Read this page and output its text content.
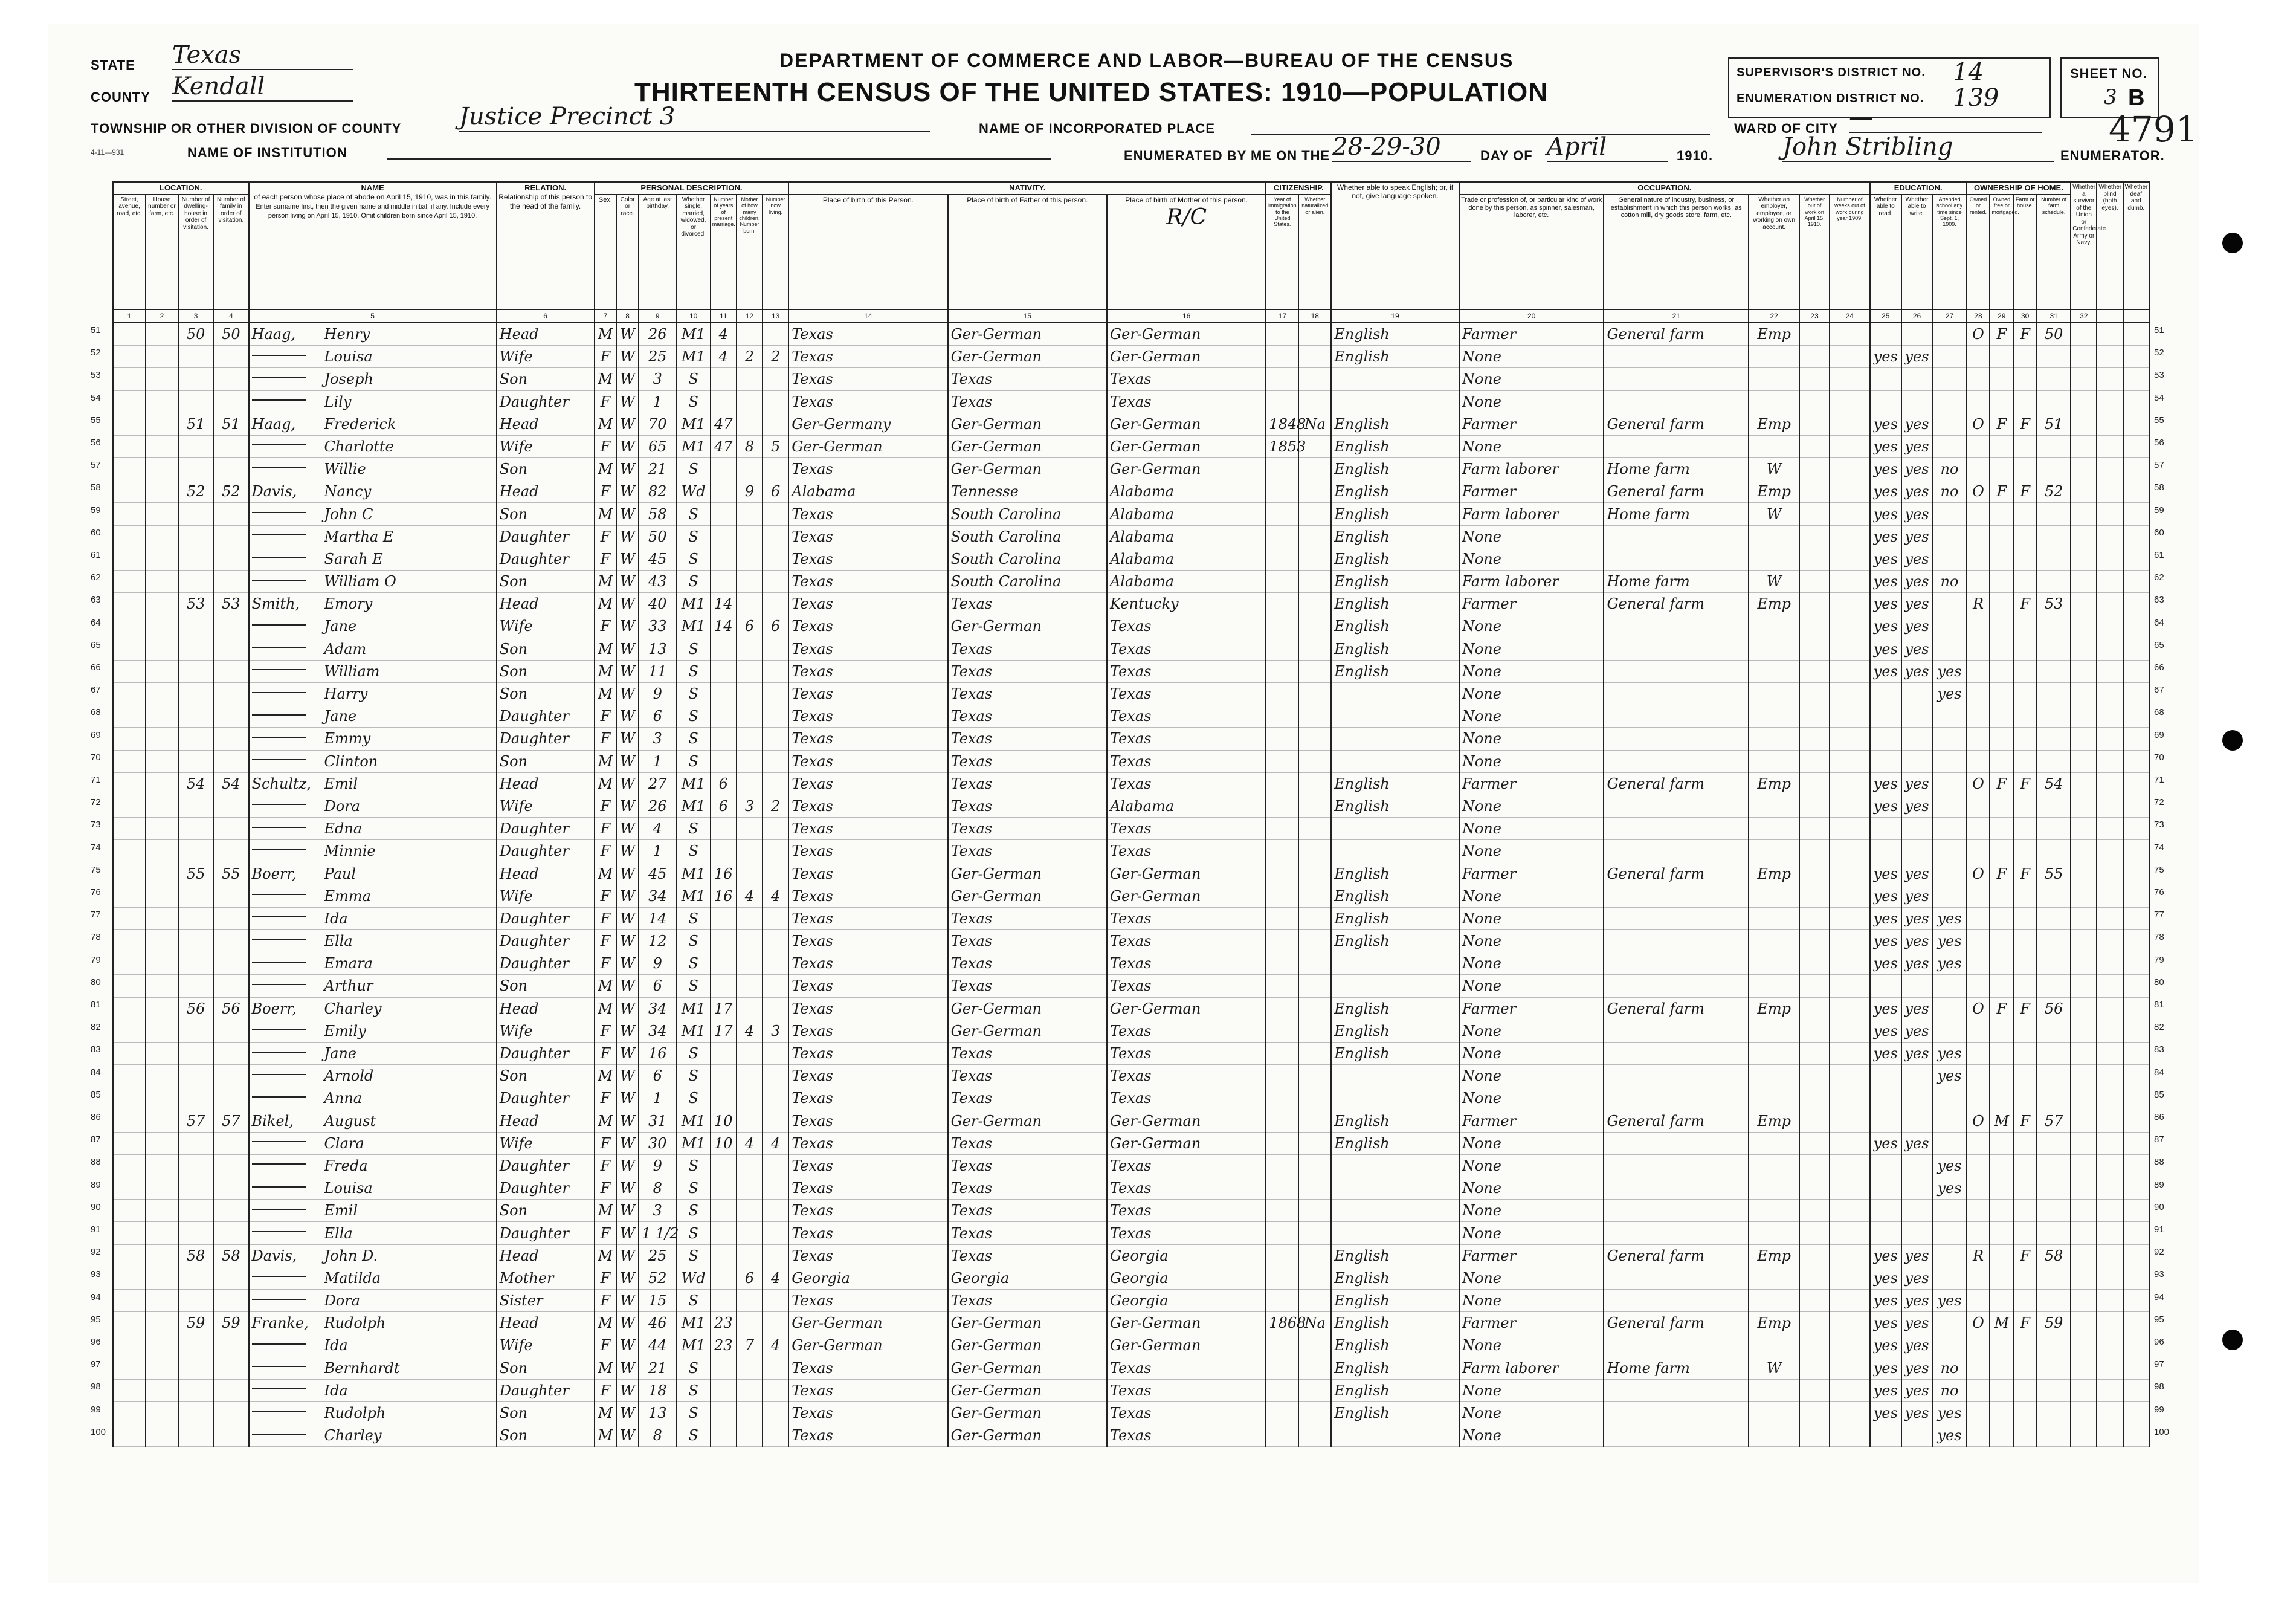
STATE Texas
COUNTY Kendall
TOWNSHIP OR OTHER DIVISION OF COUNTY Justice Precinct 3
4-11—931	NAME OF INSTITUTION
DEPARTMENT OF COMMERCE AND LABOR—BUREAU OF THE CENSUS
THIRTEENTH CENSUS OF THE UNITED STATES: 1910—POPULATION
NAME OF INCORPORATED PLACE
ENUMERATED BY ME ON THE 28-29-30	DAY OF April	1910.	John Stribling	ENUMERATOR.
SUPERVISOR'S DISTRICT NO. 14
ENUMERATION DISTRICT NO. 139
WARD OF CITY —
SHEET NO.
3 B
4791
LOCATION.				NAME
of each person whose place of abode on April 15, 1910, was in this family.
Enter surname first, then the given name and middle initial, if any. Include every person living on April 15, 1910. Omit children born since April 15, 1910.	RELATION.
Relationship of this person to the head of the family.	PERSONAL DESCRIPTION.							NATIVITY.			CITIZENSHIP.		Whether able to speak English; or, if not, give language spoken.	OCCUPATION.					EDUCATION.			OWNERSHIP OF HOME.				Whether a survivor of the Union or Confederate Army or Navy.	Whether blind (both eyes).	Whether deaf and dumb.
Street, avenue, road, etc.	House number or farm, etc.	Number of dwelling-house in order of visitation.	Number of family in order of visitation.			Sex.	Color or race.	Age at last birthday.	Whether single, married, widowed, or divorced.	Number of years of present marriage.	Mother of how many children. Number born.	Number now living.	Place of birth of this Person.	Place of birth of Father of this person.	Place of birth of Mother of this person.
R/C	Year of immigration to the United States.	Whether naturalized or alien.		Trade or profession of, or particular kind of work done by this person, as spinner, salesman, laborer, etc.	General nature of industry, business, or establishment in which this person works, as cotton mill, dry goods store, farm, etc.	Whether an employer, employee, or working on own account.	Whether out of work on April 15, 1910.	Number of weeks out of work during year 1909.	Whether able to read.	Whether able to write.	Attended school any time since Sept. 1, 1909.	Owned or rented.	Owned free or mortgaged.	Farm or house.	Number of farm schedule.			

1	2	3	4	5	6	7	8	9	10	11	12	13	14	15	16	17	18	19	20	21	22	23	24	25	26	27	28	29	30	31	32		
		50	50	Haag, Henry	Head	M	W	26	M1	4			Texas	Ger-German	Ger-German			English	Farmer	General farm	Emp						O	F	F	50			
				Louisa	Wife	F	W	25	M1	4	2	2	Texas	Ger-German	Ger-German			English	None					yes	yes								
				Joseph	Son	M	W	3	S				Texas	Texas	Texas				None														
				Lily	Daughter	F	W	1	S				Texas	Texas	Texas				None														
		51	51	Haag, Frederick	Head	M	W	70	M1	47			Ger-Germany	Ger-German	Ger-German	1848	Na	English	Farmer	General farm	Emp			yes	yes		O	F	F	51			
				Charlotte	Wife	F	W	65	M1	47	8	5	Ger-German	Ger-German	Ger-German	1853		English	None					yes	yes								
				Willie	Son	M	W	21	S				Texas	Ger-German	Ger-German			English	Farm laborer	Home farm	W			yes	yes	no							
		52	52	Davis, Nancy	Head	F	W	82	Wd		9	6	Alabama	Tennesse	Alabama			English	Farmer	General farm	Emp			yes	yes	no	O	F	F	52			
				John C	Son	M	W	58	S				Texas	South Carolina	Alabama			English	Farm laborer	Home farm	W			yes	yes								
				Martha E	Daughter	F	W	50	S				Texas	South Carolina	Alabama			English	None					yes	yes								
				Sarah E	Daughter	F	W	45	S				Texas	South Carolina	Alabama			English	None					yes	yes								
				William O	Son	M	W	43	S				Texas	South Carolina	Alabama			English	Farm laborer	Home farm	W			yes	yes	no							
		53	53	Smith, Emory	Head	M	W	40	M1	14			Texas	Texas	Kentucky			English	Farmer	General farm	Emp			yes	yes		R		F	53			
				Jane	Wife	F	W	33	M1	14	6	6	Texas	Ger-German	Texas			English	None					yes	yes								
				Adam	Son	M	W	13	S				Texas	Texas	Texas			English	None					yes	yes								
				William	Son	M	W	11	S				Texas	Texas	Texas			English	None					yes	yes	yes							
				Harry	Son	M	W	9	S				Texas	Texas	Texas				None							yes							
				Jane	Daughter	F	W	6	S				Texas	Texas	Texas				None														
				Emmy	Daughter	F	W	3	S				Texas	Texas	Texas				None														
				Clinton	Son	M	W	1	S				Texas	Texas	Texas				None														
		54	54	Schultz, Emil	Head	M	W	27	M1	6			Texas	Texas	Texas			English	Farmer	General farm	Emp			yes	yes		O	F	F	54			
				Dora	Wife	F	W	26	M1	6	3	2	Texas	Texas	Alabama			English	None					yes	yes								
				Edna	Daughter	F	W	4	S				Texas	Texas	Texas				None														
				Minnie	Daughter	F	W	1	S				Texas	Texas	Texas				None														
		55	55	Boerr, Paul	Head	M	W	45	M1	16			Texas	Ger-German	Ger-German			English	Farmer	General farm	Emp			yes	yes		O	F	F	55			
				Emma	Wife	F	W	34	M1	16	4	4	Texas	Ger-German	Ger-German			English	None					yes	yes								
				Ida	Daughter	F	W	14	S				Texas	Texas	Texas			English	None					yes	yes	yes							
				Ella	Daughter	F	W	12	S				Texas	Texas	Texas			English	None					yes	yes	yes							
				Emara	Daughter	F	W	9	S				Texas	Texas	Texas				None					yes	yes	yes							
				Arthur	Son	M	W	6	S				Texas	Texas	Texas				None														
		56	56	Boerr, Charley	Head	M	W	34	M1	17			Texas	Ger-German	Ger-German			English	Farmer	General farm	Emp			yes	yes		O	F	F	56			
				Emily	Wife	F	W	34	M1	17	4	3	Texas	Ger-German	Texas			English	None					yes	yes								
				Jane	Daughter	F	W	16	S				Texas	Texas	Texas			English	None					yes	yes	yes							
				Arnold	Son	M	W	6	S				Texas	Texas	Texas				None							yes							
				Anna	Daughter	F	W	1	S				Texas	Texas	Texas				None														
		57	57	Bikel, August	Head	M	W	31	M1	10			Texas	Ger-German	Ger-German			English	Farmer	General farm	Emp						O	M	F	57			
				Clara	Wife	F	W	30	M1	10	4	4	Texas	Texas	Ger-German			English	None					yes	yes								
				Freda	Daughter	F	W	9	S				Texas	Texas	Texas				None							yes							
				Louisa	Daughter	F	W	8	S				Texas	Texas	Texas				None							yes							
				Emil	Son	M	W	3	S				Texas	Texas	Texas				None														
				Ella	Daughter	F	W	1 1/2	S				Texas	Texas	Texas				None														
		58	58	Davis, John D.	Head	M	W	25	S				Texas	Texas	Georgia			English	Farmer	General farm	Emp			yes	yes		R		F	58			
				Matilda	Mother	F	W	52	Wd		6	4	Georgia	Georgia	Georgia			English	None					yes	yes								
				Dora	Sister	F	W	15	S				Texas	Texas	Georgia			English	None					yes	yes	yes							
		59	59	Franke, Rudolph	Head	M	W	46	M1	23			Ger-German	Ger-German	Ger-German	1868	Na	English	Farmer	General farm	Emp			yes	yes		O	M	F	59			
				Ida	Wife	F	W	44	M1	23	7	4	Ger-German	Ger-German	Ger-German			English	None					yes	yes								
				Bernhardt	Son	M	W	21	S				Texas	Ger-German	Texas			English	Farm laborer	Home farm	W			yes	yes	no							
				Ida	Daughter	F	W	18	S				Texas	Ger-German	Texas			English	None					yes	yes	no							
				Rudolph	Son	M	W	13	S				Texas	Ger-German	Texas			English	None					yes	yes	yes							
				Charley	Son	M	W	8	S				Texas	Ger-German	Texas				None							yes							
51
52
53
54
55
56
57
58
59
60
61
62
63
64
65
66
67
68
69
70
71
72
73
74
75
76
77
78
79
80
81
82
83
84
85
86
87
88
89
90
91
92
93
94
95
96
97
98
99
100
51
52
53
54
55
56
57
58
59
60
61
62
63
64
65
66
67
68
69
70
71
72
73
74
75
76
77
78
79
80
81
82
83
84
85
86
87
88
89
90
91
92
93
94
95
96
97
98
99
100
